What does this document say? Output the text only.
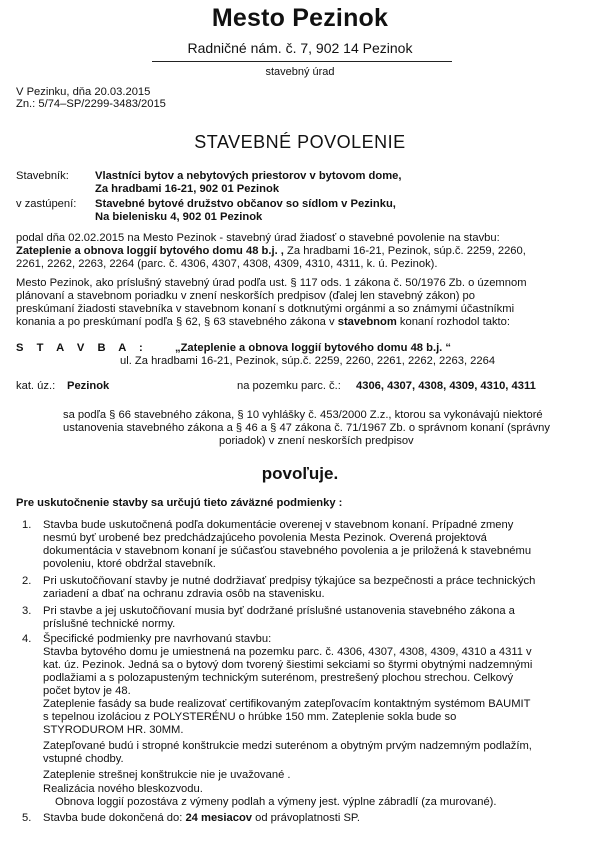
Mesto Pezinok
Radničné nám. č. 7, 902 14 Pezinok
stavebný úrad
V Pezinku, dňa 20.03.2015
Zn.: 5/74–SP/2299-3483/2015
STAVEBNÉ POVOLENIE
Stavebník: Vlastníci bytov a nebytových priestorov v bytovom dome,
Za hradbami 16-21, 902 01 Pezinok
v zastúpení: Stavebné bytové družstvo občanov so sídlom v Pezinku,
Na bielenisku 4, 902 01 Pezinok
podal dňa 02.02.2015 na Mesto Pezinok - stavebný úrad žiadosť o stavebné povolenie na stavbu:
Zateplenie a obnova loggií bytového domu 48 b.j. , Za hradbami 16-21, Pezinok, súp.č. 2259, 2260,
2261, 2262, 2263, 2264 (parc. č. 4306, 4307, 4308, 4309, 4310, 4311, k. ú. Pezinok).
Mesto Pezinok, ako príslušný stavebný úrad podľa ust. § 117 ods. 1 zákona č. 50/1976 Zb. o územnom
plánovaní a stavebnom poriadku v znení neskorších predpisov (ďalej len stavebný zákon) po
preskúmaní žiadosti stavebníka v stavebnom konaní s dotknutými orgánmi a so známymi účastníkmi
konania a po preskúmaní podľa § 62, § 63 stavebného zákona v stavebnom konaní rozhodol takto:
S T A V B A : „Zateplenie a obnova loggií bytového domu 48 b.j. “
ul. Za hradbami 16-21, Pezinok, súp.č. 2259, 2260, 2261, 2262, 2263, 2264
kat. úz.: Pezinok	na pozemku parc. č.: 4306, 4307, 4308, 4309, 4310, 4311
sa podľa § 66 stavebného zákona, § 10 vyhlášky č. 453/2000 Z.z., ktorou sa vykonávajú niektoré
ustanovenia stavebného zákona a § 46 a § 47 zákona č. 71/1967 Zb. o správnom konaní (správny
poriadok) v znení neskorších predpisov
povoľuje.
Pre uskutočnenie stavby sa určujú tieto záväzné podmienky :
1. Stavba bude uskutočnená podľa dokumentácie overenej v stavebnom konaní. Prípadné zmeny
nesmú byť urobené bez predchádzajúceho povolenia Mesta Pezinok. Overená projektová
dokumentácia v stavebnom konaní je súčasťou stavebného povolenia a je priložená k stavebnému
povoleniu, ktoré obdržal stavebník.
2. Pri uskutočňovaní stavby je nutné dodržiavať predpisy týkajúce sa bezpečnosti a práce technických
zariadení a dbať na ochranu zdravia osôb na stavenisku.
3. Pri stavbe a jej uskutočňovaní musia byť dodržané príslušné ustanovenia stavebného zákona a
príslušné technické normy.
4. Špecifické podmienky pre navrhovanú stavbu:
Stavba bytového domu je umiestnená na pozemku parc. č. 4306, 4307, 4308, 4309, 4310 a 4311 v
kat. úz. Pezinok. Jedná sa o bytový dom tvorený šiestimi sekciami so štyrmi obytnými nadzemnými
podlažiami a s polozapusteným technickým suterénom, prestrešený plochou strechou. Celkový
počet bytov je 48.
Zateplenie fasády sa bude realizovať certifikovaným zatepľovacím kontaktným systémom BAUMIT
s tepelnou izoláciou z POLYSTERÉNU o hrúbke 150 mm. Zateplenie sokla bude so
STYRODUROM HR. 30MM.
Zatepľované budú i stropné konštrukcie medzi suterénom a obytným prvým nadzemným podlažím,
vstupné chodby.
Zateplenie strešnej konštrukcie nie je uvažované .
Realizácia nového bleskozvodu.
Obnova loggií pozostáva z výmeny podlah a výmeny jest. výplne zábradlí (za murované).
5. Stavba bude dokončená do: 24 mesiacov od právoplatnosti SP.
